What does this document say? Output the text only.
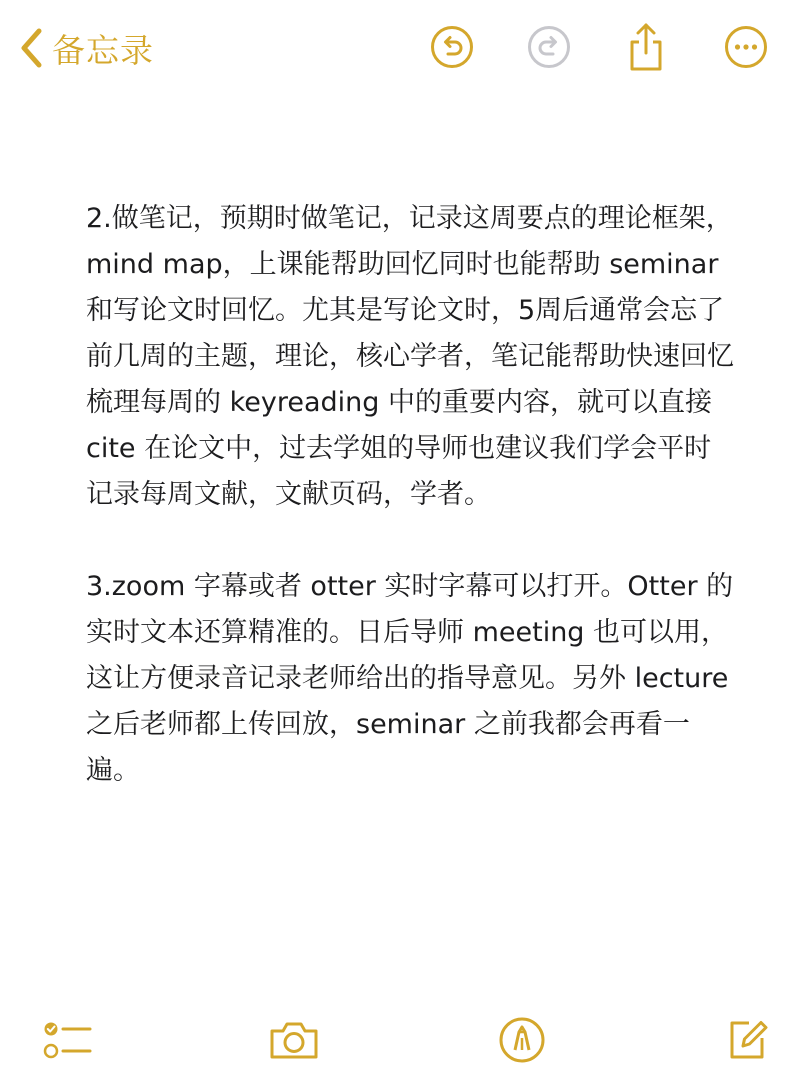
备忘录

2.做笔记，预期时做笔记，记录这周要点的理论框架，mind map，上课能帮助回忆同时也能帮助 seminar 和写论文时回忆。尤其是写论文时，5周后通常会忘了前几周的主题，理论，核心学者，笔记能帮助快速回忆梳理每周的 keyreading 中的重要内容，就可以直接 cite 在论文中，过去学姐的导师也建议我们学会平时记录每周文献，文献页码，学者。

3.zoom 字幕或者 otter 实时字幕可以打开。Otter 的实时文本还算精准的。日后导师 meeting 也可以用，这让方便录音记录老师给出的指导意见。另外 lecture 之后老师都上传回放，seminar 之前我都会再看一遍。
